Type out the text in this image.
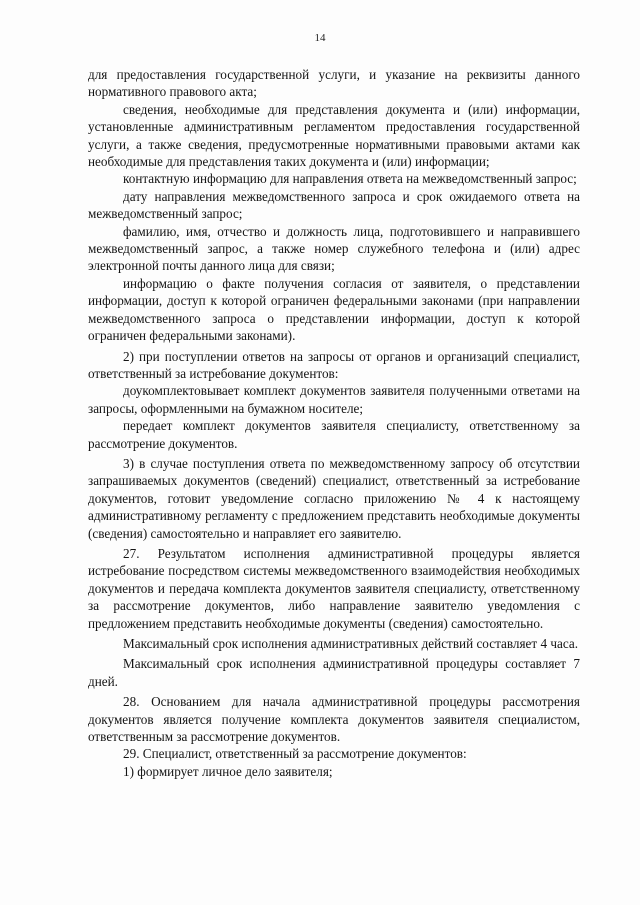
14

для предоставления государственной услуги, и указание на реквизиты данного нормативного правового акта;

сведения, необходимые для представления документа и (или) информации, установленные административным регламентом предоставления государственной услуги, а также сведения, предусмотренные нормативными правовыми актами как необходимые для представления таких документа и (или) информации;

контактную информацию для направления ответа на межведомственный запрос;

дату направления межведомственного запроса и срок ожидаемого ответа на межведомственный запрос;

фамилию, имя, отчество и должность лица, подготовившего и направившего межведомственный запрос, а также номер служебного телефона и (или) адрес электронной почты данного лица для связи;

информацию о факте получения согласия от заявителя, о представлении информации, доступ к которой ограничен федеральными законами (при направлении межведомственного запроса о представлении информации, доступ к которой ограничен федеральными законами).

2) при поступлении ответов на запросы от органов и организаций специалист, ответственный за истребование документов:

доукомплектовывает комплект документов заявителя полученными ответами на запросы, оформленными на бумажном носителе;

передает комплект документов заявителя специалисту, ответственному за рассмотрение документов.

3) в случае поступления ответа по межведомственному запросу об отсутствии запрашиваемых документов (сведений) специалист, ответственный за истребование документов, готовит уведомление согласно приложению № 4 к настоящему административному регламенту с предложением представить необходимые документы (сведения) самостоятельно и направляет его заявителю.

27. Результатом исполнения административной процедуры является истребование посредством системы межведомственного взаимодействия необходимых документов и передача комплекта документов заявителя специалисту, ответственному за рассмотрение документов, либо направление заявителю уведомления с предложением представить необходимые документы (сведения) самостоятельно.

Максимальный срок исполнения административных действий составляет 4 часа.

Максимальный срок исполнения административной процедуры составляет 7 дней.

28. Основанием для начала административной процедуры рассмотрения документов является получение комплекта документов заявителя специалистом, ответственным за рассмотрение документов.

29. Специалист, ответственный за рассмотрение документов:

1) формирует личное дело заявителя;
